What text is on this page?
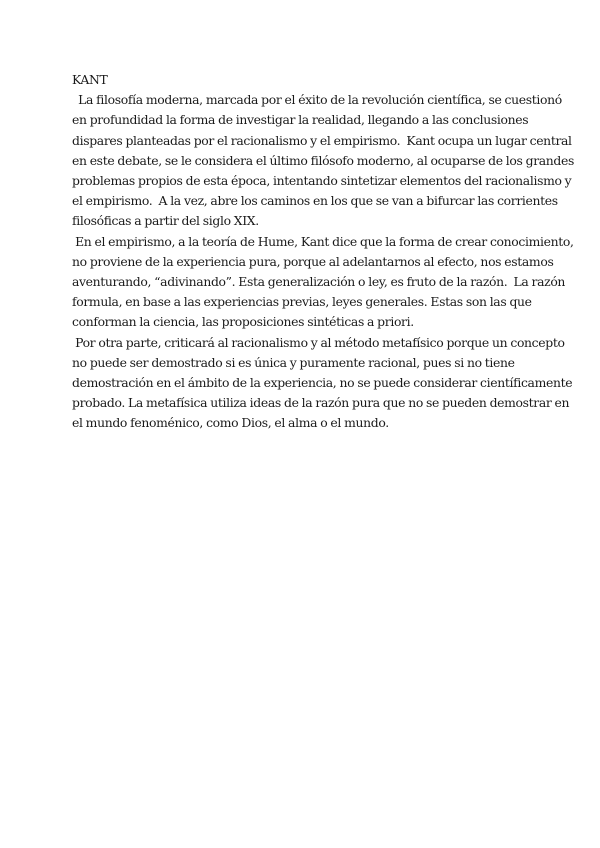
KANT

La filosofía moderna, marcada por el éxito de la revolución científica, se cuestionó
en profundidad la forma de investigar la realidad, llegando a las conclusiones
dispares planteadas por el racionalismo y el empirismo.  Kant ocupa un lugar central
en este debate, se le considera el último filósofo moderno, al ocuparse de los grandes
problemas propios de esta época, intentando sintetizar elementos del racionalismo y
el empirismo.  A la vez, abre los caminos en los que se van a bifurcar las corrientes
filosóficas a partir del siglo XIX.

En el empirismo, a la teoría de Hume, Kant dice que la forma de crear conocimiento,
no proviene de la experiencia pura, porque al adelantarnos al efecto, nos estamos
aventurando, “adivinando”. Esta generalización o ley, es fruto de la razón.  La razón
formula, en base a las experiencias previas, leyes generales. Estas son las que
conforman la ciencia, las proposiciones sintéticas a priori.

Por otra parte, criticará al racionalismo y al método metafísico porque un concepto
no puede ser demostrado si es única y puramente racional, pues si no tiene
demostración en el ámbito de la experiencia, no se puede considerar científicamente
probado. La metafísica utiliza ideas de la razón pura que no se pueden demostrar en
el mundo fenoménico, como Dios, el alma o el mundo.
